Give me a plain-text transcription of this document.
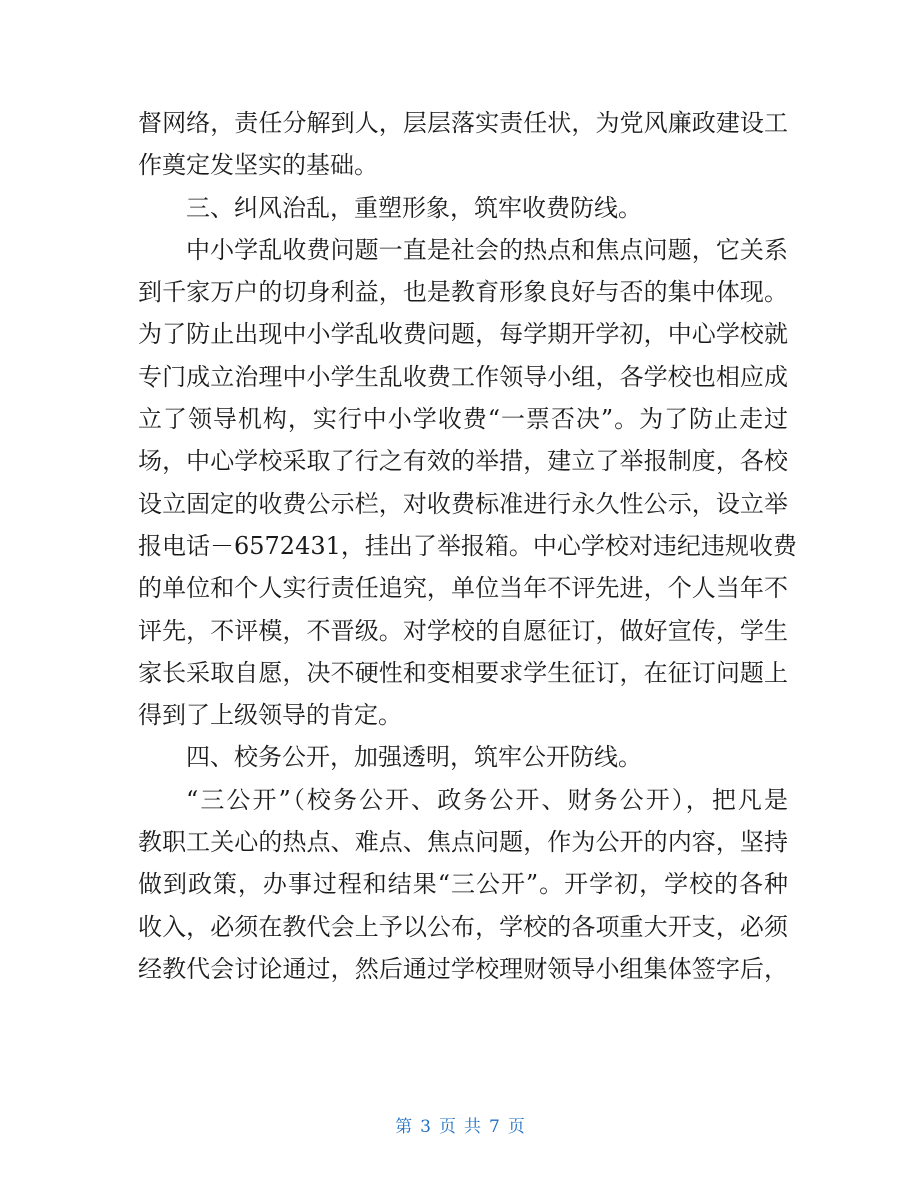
督网络，责任分解到人，层层落实责任状，为党风廉政建设工
作奠定发坚实的基础。
三、纠风治乱，重塑形象，筑牢收费防线。
中小学乱收费问题一直是社会的热点和焦点问题，它关系
到千家万户的切身利益，也是教育形象良好与否的集中体现。
为了防止出现中小学乱收费问题，每学期开学初，中心学校就
专门成立治理中小学生乱收费工作领导小组，各学校也相应成
立了领导机构，实行中小学收费“一票否决”。为了防止走过
场，中心学校采取了行之有效的举措，建立了举报制度，各校
设立固定的收费公示栏，对收费标准进行永久性公示，设立举
报电话－6572431，挂出了举报箱。中心学校对违纪违规收费
的单位和个人实行责任追究，单位当年不评先进，个人当年不
评先，不评模，不晋级。对学校的自愿征订，做好宣传，学生
家长采取自愿，决不硬性和变相要求学生征订，在征订问题上
得到了上级领导的肯定。
四、校务公开，加强透明，筑牢公开防线。
“三公开”（校务公开、政务公开、财务公开），把凡是
教职工关心的热点、难点、焦点问题，作为公开的内容，坚持
做到政策，办事过程和结果“三公开”。开学初，学校的各种
收入，必须在教代会上予以公布，学校的各项重大开支，必须
经教代会讨论通过，然后通过学校理财领导小组集体签字后，
第 3 页 共 7 页
